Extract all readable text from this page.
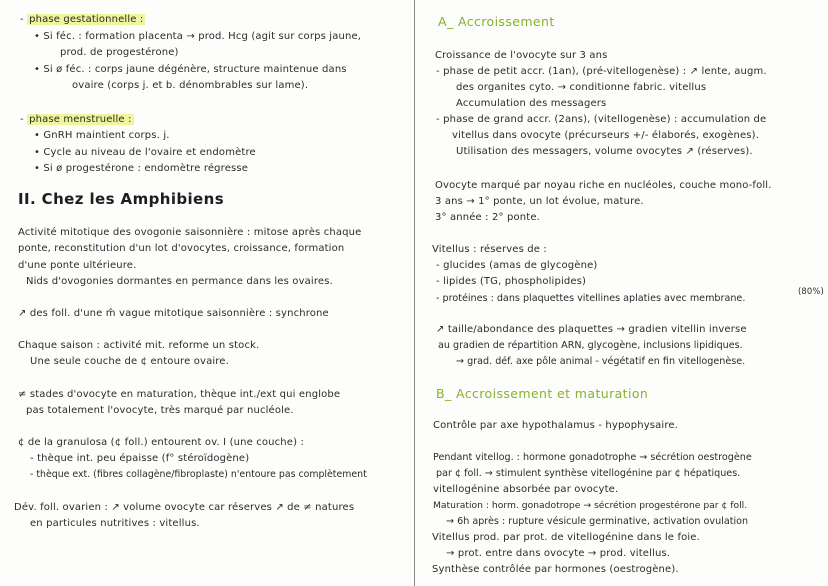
- phase gestationnelle :
• Si féc. : formation placenta → prod. Hcg (agit sur corps jaune,
prod. de progestérone)
• Si ø féc. : corps jaune dégénère, structure maintenue dans
ovaire (corps j. et b. dénombrables sur lame).
- phase menstruelle :
• GnRH maintient corps. j.
• Cycle au niveau de l'ovaire et endomètre
• Si ø progestérone : endomètre régresse
II. Chez les Amphibiens
Activité mitotique des ovogonie saisonnière : mitose après chaque
ponte, reconstitution d'un lot d'ovocytes, croissance, formation
d'une ponte ultérieure.
Nids d'ovogonies dormantes en permance dans les ovaires.
↗ des foll. d'une m̂ vague mitotique saisonnière : synchrone
Chaque saison : activité mit. reforme un stock.
Une seule couche de ¢ entoure ovaire.
≠ stades d'ovocyte en maturation, thèque int./ext qui englobe
pas totalement l'ovocyte, très marqué par nucléole.
¢ de la granulosa (¢ foll.) entourent ov. I (une couche) :
- thèque int. peu épaisse (f° stéroïdogène)
- thèque ext. (fibres collagène/fibroplaste) n'entoure pas complètement
Dév. foll. ovarien : ↗ volume ovocyte car réserves ↗ de ≠ natures
en particules nutritives : vitellus.
A_ Accroissement
Croissance de l'ovocyte sur 3 ans
- phase de petit accr. (1an), (pré-vitellogenèse) : ↗ lente, augm.
des organites cyto. → conditionne fabric. vitellus
Accumulation des messagers
- phase de grand accr. (2ans), (vitellogenèse) : accumulation de
vitellus dans ovocyte (précurseurs +/- élaborés, exogènes).
Utilisation des messagers, volume ovocytes ↗ (réserves).
Ovocyte marqué par noyau riche en nucléoles, couche mono-foll.
3 ans → 1° ponte, un lot évolue, mature.
3° année : 2° ponte.
Vitellus : réserves de :
- glucides (amas de glycogène)
- lipides (TG, phospholipides)
- protéines : dans plaquettes vitellines aplaties avec membrane.
(80%)
↗ taille/abondance des plaquettes → gradien vitellin inverse
au gradien de répartition ARN, glycogène, inclusions lipidiques.
→ grad. déf. axe pôle animal - végétatif en fin vitellogenèse.
B_ Accroissement et maturation
Contrôle par axe hypothalamus - hypophysaire.
Pendant vitellog. : hormone gonadotrophe → sécrétion oestrogène
par ¢ foll. → stimulent synthèse vitellogénine par ¢ hépatiques.
vitellogénine absorbée par ovocyte.
Maturation : horm. gonadotrope → sécrétion progestérone par ¢ foll.
→ 6h après : rupture vésicule germinative, activation ovulation
Vitellus prod. par prot. de vitellogénine dans le foie.
→ prot. entre dans ovocyte → prod. vitellus.
Synthèse contrôlée par hormones (oestrogène).
